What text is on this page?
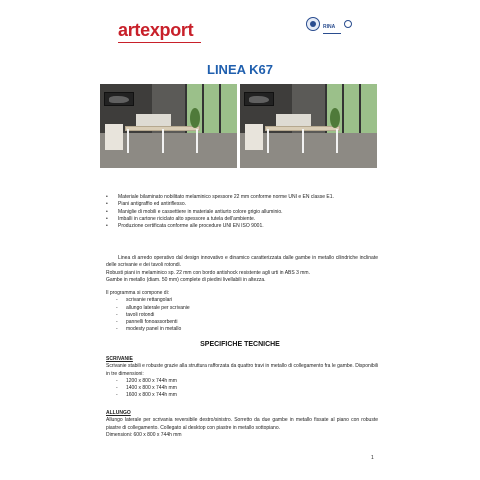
artexport	RINA
LINEA K67
• Materiale bilaminato nobilitato melaminico spessore 22 mm conforme norme UNI e EN classe E1.
• Piani antigraffio ed antiriflesso.
• Maniglie di mobili e cassettiere in materiale antiurto colore grigio alluminio.
• Imballi in cartone riciclato alto spessore a tutela dell'ambiente.
• Produzione certificata conforme alle procedure UNI EN ISO 9001.

Linea di arredo operativo dal design innovativo e dinamico caratterizzata dalle gambe in metallo cilindriche inclinate delle scrivanie e dei tavoli rotondi.

Robusti piani in melaminico sp. 22 mm con bordo antishock resistente agli urti in ABS 3 mm.

Gambe in metallo (diam. 50 mm) complete di piedini livellabili in altezza.

Il programma si compone di:
- scrivanie rettangolari
- allungo laterale per scrivanie
- tavoli rotondi
- pannelli fonoassorbenti
- modesty panel in metallo
SPECIFICHE TECNICHE
SCRIVANIE

Scrivanie stabili e robuste grazie alla struttura rafforzata da quattro travi in metallo di collegamento fra le gambe. Disponibili in tre dimensioni:

- 1200 x 800 x 744h mm
- 1400 x 800 x 744h mm
- 1600 x 800 x 744h mm
ALLUNGO

Allungo laterale per scrivania reversibile destro/sinistro. Sorretto da due gambe in metallo fissate al piano con robuste piastre di collegamento. Collegato al desktop con piastre in metallo sottopiano.

Dimensioni: 600 x 800 x 744h mm
1
